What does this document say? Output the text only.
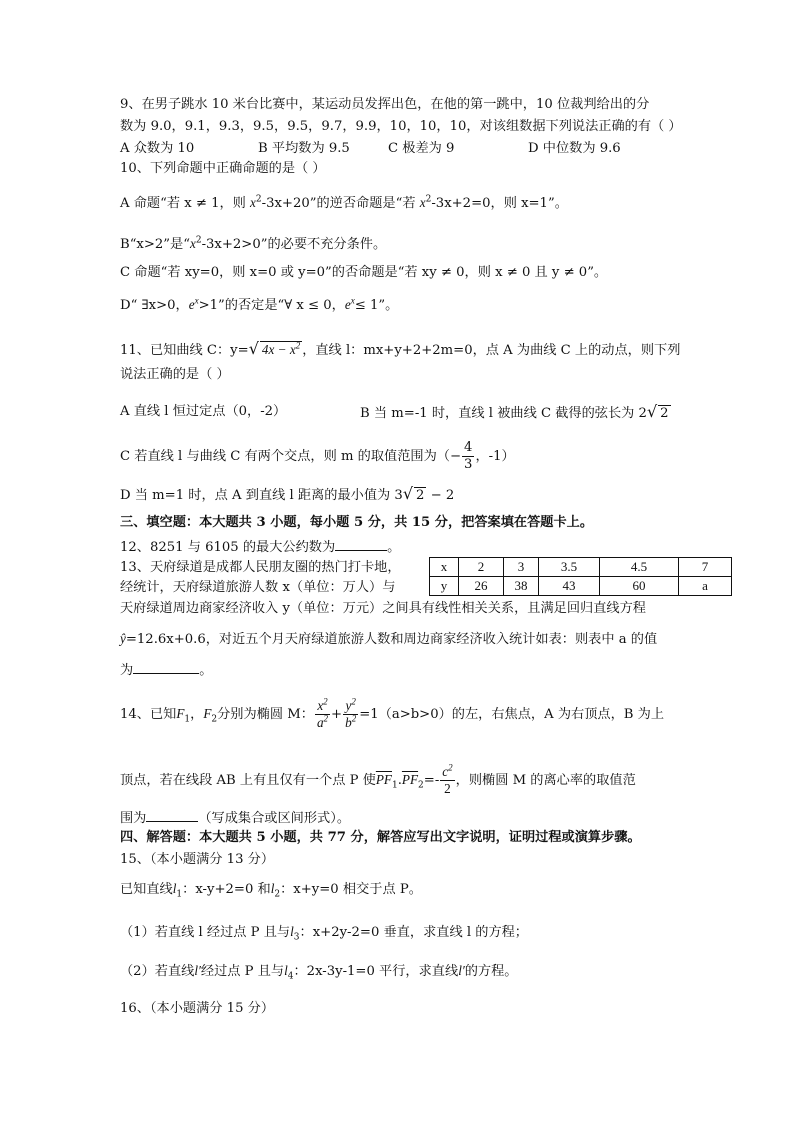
9、在男子跳水 10 米台比赛中，某运动员发挥出色，在他的第一跳中，10 位裁判给出的分
数为 9.0，9.1，9.3，9.5，9.5，9.7，9.9，10，10，10，对该组数据下列说法正确的有（ ）
A 众数为 10	B 平均数为 9.5	C 极差为 9	D 中位数为 9.6
10、下列命题中正确命题的是（ ）
A 命题“若 x ≠ 1，则 $x^2-3x+20$”的逆否命题是“若 $x^2-3x+2=0$，则 x=1”。
B“x>2”是“$x^2-3x+2>0$”的必要不充分条件。
C 命题“若 xy=0，则 x=0 或 y=0”的否命题是“若 xy ≠ 0，则 x ≠ 0 且 y ≠ 0”。
D“ ∃x>0，$e^x>1$”的否定是“∀ x ≤ 0，$e^x\le 1$”。
11、已知曲线 C：y=√ $4x - x^2$ ，直线 l：mx+y+2+2m=0，点 A 为曲线 C 上的动点，则下列
说法正确的是（ ）
A 直线 l 恒过定点（0，-2）	B 当 m=-1 时，直线 l 被曲线 C 截得的弦长为 2√ 2
C 若直线 l 与曲线 C 有两个交点，则 m 的取值范围为（− $\frac{4}{3}$ ，-1）
D 当 m=1 时，点 A 到直线 l 距离的最小值为 3√ 2 − 2
三、填空题：本大题共 3 小题，每小题 5 分，共 15 分，把答案填在答题卡上。
12、8251 与 6105 的最大公约数为	。
13、天府绿道是成都人民朋友圈的热门打卡地，
经统计，天府绿道旅游人数 x（单位：万人）与
x	2	3	3.5	4.5	7
y	26	38	43	60	a
天府绿道周边商家经济收入 y（单位：万元）之间具有线性相关关系，且满足回归直线方程
ŷ=12.6x+0.6，对近五个月天府绿道旅游人数和周边商家经济收入统计如表：则表中 a 的值
为	。
14、已知$F_1$，$F_2$分别为椭圆 M： $\frac{x^2}{a^2} + \frac{y^2}{b^2} =1(a>b>0)$的左，右焦点，A 为右顶点，B 为上
顶点，若在线段 AB 上有且仅有一个点 P 使$\overline{PF}_1.\overline{PF}_2=- \frac{c^2}{2}$ ，则椭圆 M 的离心率的取值范
围为	（写成集合或区间形式）。
四、解答题：本大题共 5 小题，共 77 分，解答应写出文字说明，证明过程或演算步骤。
15、（本小题满分 13 分）
已知直线$l_1$：x-y+2=0 和$l_2$：x+y=0 相交于点 P。
（1）若直线 l 经过点 P 且与$l_3$：x+2y-2=0 垂直，求直线 l 的方程；
（2）若直线l′经过点 P 且与$l_4$：2x-3y-1=0 平行，求直线l′的方程。
16、（本小题满分 15 分）
